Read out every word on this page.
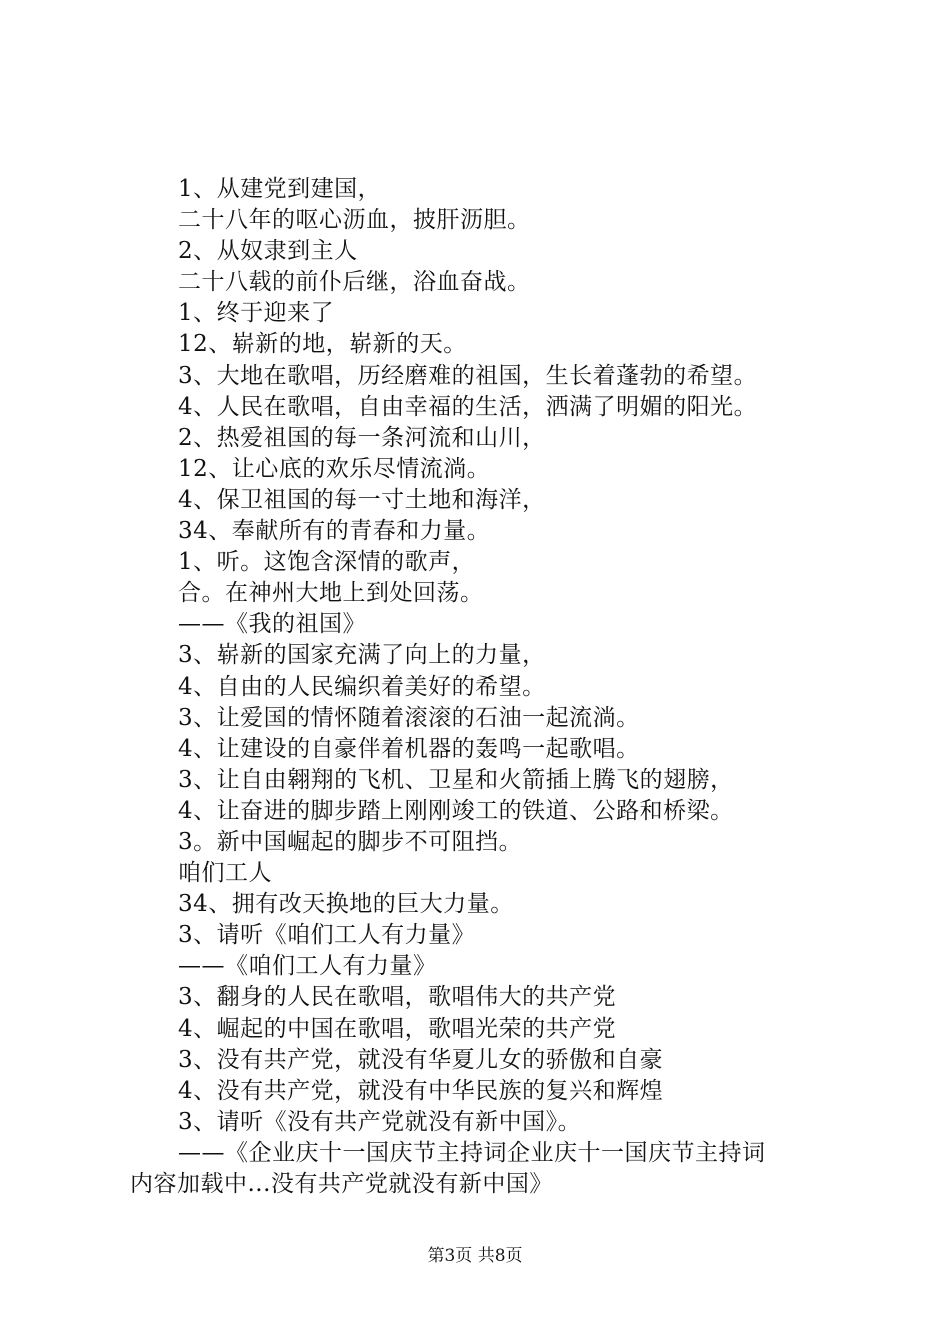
1、从建党到建国，
二十八年的呕心沥血，披肝沥胆。
2、从奴隶到主人
二十八载的前仆后继，浴血奋战。
1、终于迎来了
12、崭新的地，崭新的天。
3、大地在歌唱，历经磨难的祖国，生长着蓬勃的希望。
4、人民在歌唱，自由幸福的生活，洒满了明媚的阳光。
2、热爱祖国的每一条河流和山川，
12、让心底的欢乐尽情流淌。
4、保卫祖国的每一寸土地和海洋，
34、奉献所有的青春和力量。
1、听。这饱含深情的歌声，
合。在神州大地上到处回荡。
——《我的祖国》
3、崭新的国家充满了向上的力量，
4、自由的人民编织着美好的希望。
3、让爱国的情怀随着滚滚的石油一起流淌。
4、让建设的自豪伴着机器的轰鸣一起歌唱。
3、让自由翱翔的飞机、卫星和火箭插上腾飞的翅膀，
4、让奋进的脚步踏上刚刚竣工的铁道、公路和桥梁。
3。新中国崛起的脚步不可阻挡。
咱们工人
34、拥有改天换地的巨大力量。
3、请听《咱们工人有力量》
——《咱们工人有力量》
3、翻身的人民在歌唱，歌唱伟大的共产党
4、崛起的中国在歌唱，歌唱光荣的共产党
3、没有共产党，就没有华夏儿女的骄傲和自豪
4、没有共产党，就没有中华民族的复兴和辉煌
3、请听《没有共产党就没有新中国》。
——《企业庆十一国庆节主持词企业庆十一国庆节主持词
内容加载中...没有共产党就没有新中国》
第3页 共8页
